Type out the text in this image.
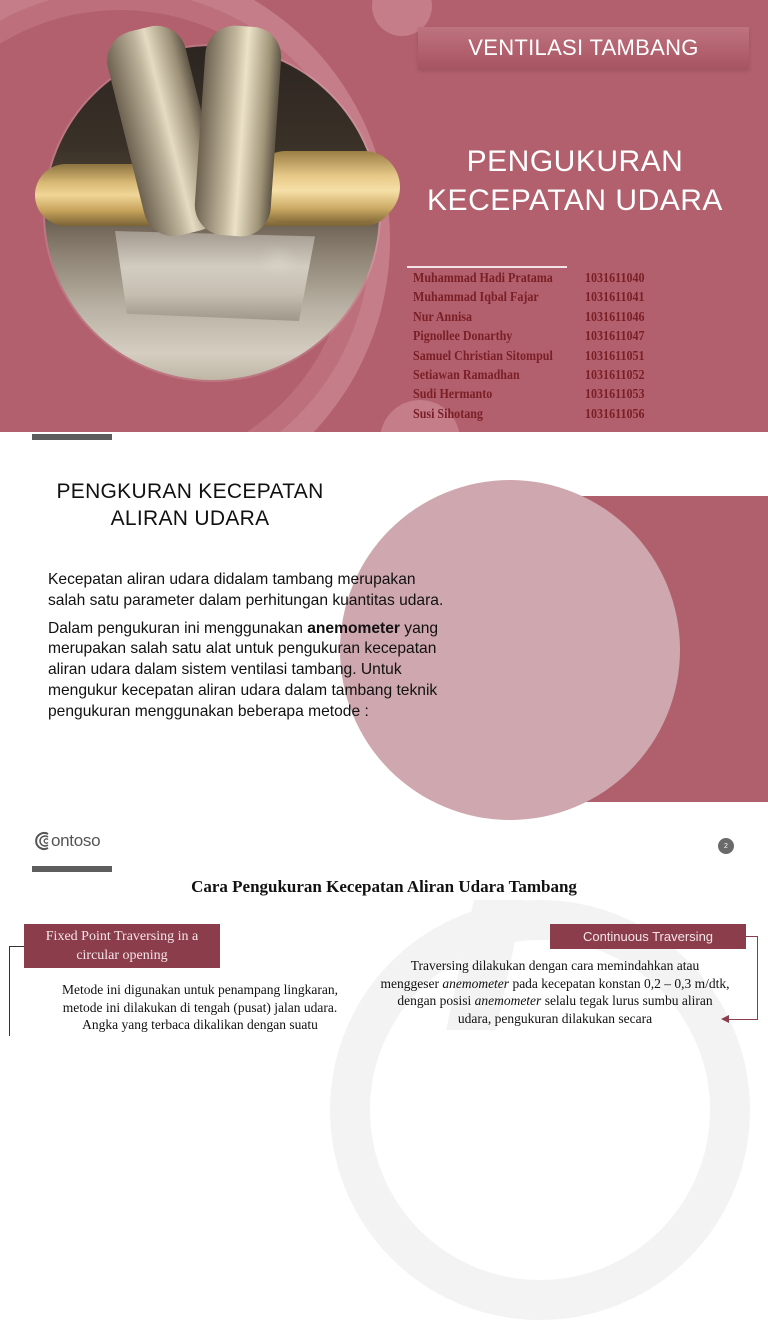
VENTILASI TAMBANG
PENGUKURAN
KECEPATAN UDARA
Muhammad Hadi Pratama	1031611040
Muhammad Iqbal Fajar	1031611041
Nur Annisa	1031611046
Pignollee Donarthy	1031611047
Samuel Christian Sitompul	1031611051
Setiawan Ramadhan	1031611052
Sudi Hermanto	1031611053
Susi Sihotang	1031611056
PENGKURAN KECEPATAN
ALIRAN UDARA

Kecepatan aliran udara didalam tambang merupakan salah satu parameter dalam perhitungan kuantitas udara.

Dalam pengukuran ini menggunakan anemometer yang merupakan salah satu alat untuk pengukuran kecepatan aliran udara dalam sistem ventilasi tambang. Untuk mengukur kecepatan aliran udara dalam tambang teknik pengukuran menggunakan beberapa metode :

ontoso	2
Cara Pengukuran Kecepatan Aliran Udara Tambang
Fixed Point Traversing in a circular opening
Metode ini digunakan untuk penampang lingkaran,
metode ini dilakukan di tengah (pusat) jalan udara.
Angka yang terbaca dikalikan dengan suatu
Continuous Traversing
Traversing dilakukan dengan cara memindahkan atau menggeser anemometer pada kecepatan konstan 0,2 – 0,3 m/dtk, dengan posisi anemometer selalu tegak lurus sumbu aliran udara, pengukuran dilakukan secara
